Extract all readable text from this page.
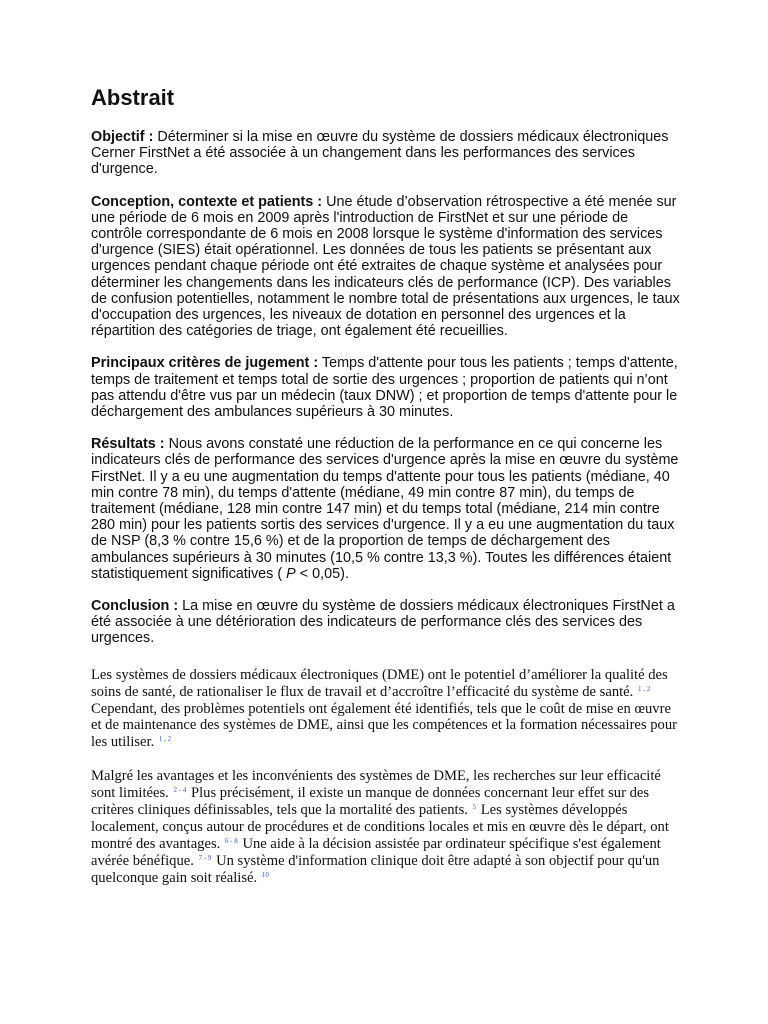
Abstrait

Objectif : Déterminer si la mise en œuvre du système de dossiers médicaux électroniques Cerner FirstNet a été associée à un changement dans les performances des services d'urgence.

Conception, contexte et patients : Une étude d’observation rétrospective a été menée sur une période de 6 mois en 2009 après l'introduction de FirstNet et sur une période de contrôle correspondante de 6 mois en 2008 lorsque le système d'information des services d'urgence (SIES) était opérationnel. Les données de tous les patients se présentant aux urgences pendant chaque période ont été extraites de chaque système et analysées pour déterminer les changements dans les indicateurs clés de performance (ICP). Des variables de confusion potentielles, notamment le nombre total de présentations aux urgences, le taux d'occupation des urgences, les niveaux de dotation en personnel des urgences et la répartition des catégories de triage, ont également été recueillies.

Principaux critères de jugement : Temps d'attente pour tous les patients ; temps d'attente, temps de traitement et temps total de sortie des urgences ; proportion de patients qui n’ont pas attendu d'être vus par un médecin (taux DNW) ; et proportion de temps d'attente pour le déchargement des ambulances supérieurs à 30 minutes.

Résultats : Nous avons constaté une réduction de la performance en ce qui concerne les indicateurs clés de performance des services d'urgence après la mise en œuvre du système FirstNet. Il y a eu une augmentation du temps d'attente pour tous les patients (médiane, 40 min contre 78 min), du temps d'attente (médiane, 49 min contre 87 min), du temps de traitement (médiane, 128 min contre 147 min) et du temps total (médiane, 214 min contre 280 min) pour les patients sortis des services d'urgence. Il y a eu une augmentation du taux de NSP (8,3 % contre 15,6 %) et de la proportion de temps de déchargement des ambulances supérieurs à 30 minutes (10,5 % contre 13,3 %). Toutes les différences étaient statistiquement significatives ( P < 0,05).

Conclusion : La mise en œuvre du système de dossiers médicaux électroniques FirstNet a été associée à une détérioration des indicateurs de performance clés des services des urgences.

Les systèmes de dossiers médicaux électroniques (DME) ont le potentiel d’améliorer la qualité des soins de santé, de rationaliser le flux de travail et d’accroître l’efficacité du système de santé. $^{1 , 2}$ Cependant, des problèmes potentiels ont également été identifiés, tels que le coût de mise en œuvre et de maintenance des systèmes de DME, ainsi que les compétences et la formation nécessaires pour les utiliser. $^{1 , 2}$

Malgré les avantages et les inconvénients des systèmes de DME, les recherches sur leur efficacité sont limitées. $^{2 - 4}$ Plus précisément, il existe un manque de données concernant leur effet sur des critères cliniques définissables, tels que la mortalité des patients. $^5$ Les systèmes développés localement, conçus autour de procédures et de conditions locales et mis en œuvre dès le départ, ont montré des avantages. $^{6 - 8}$ Une aide à la décision assistée par ordinateur spécifique s'est également avérée bénéfique. $^{7 - 9}$ Un système d'information clinique doit être adapté à son objectif pour qu'un quelconque gain soit réalisé. $^{10}$
